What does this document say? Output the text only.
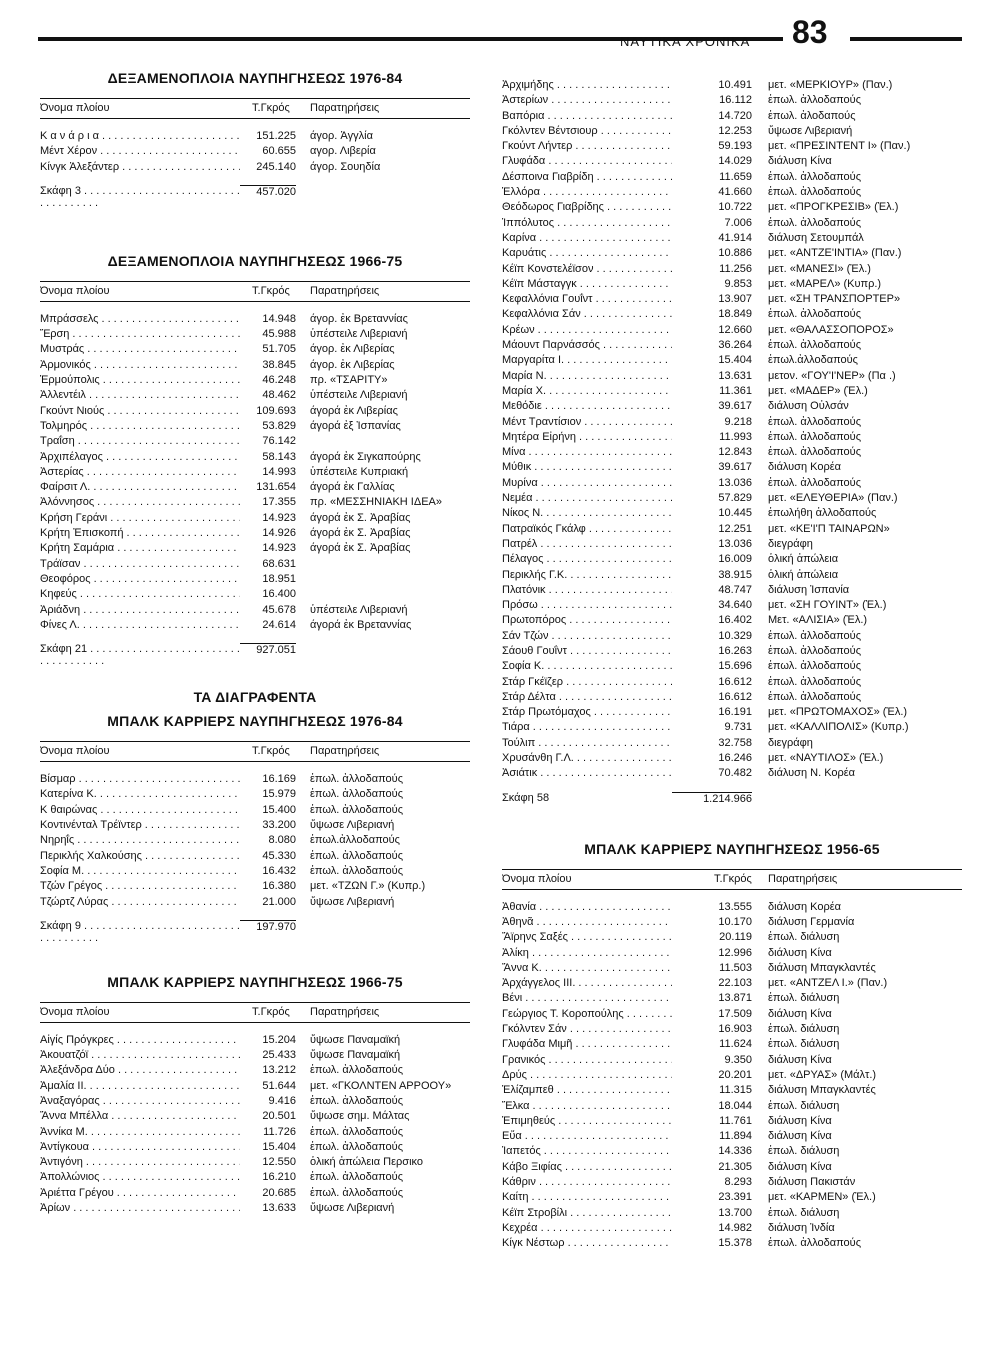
ΝΑΥΤΙΚΑ ΧΡΟΝΙΚΑ 83
ΔΕΞΑΜΕΝΟΠΛΟΙΑ ΝΑΥΠΗΓΗΣΕΩΣ 1976-84
Όνομα πλοίου	Τ.Γκρός	Παρατηρήσεις
Κ α ν ά ρ ι α . . .	151.225	άγορ. Ἀγγλία
Μέντ Χέρον . . .	60.655	αγορ. Λιβερία
Κίνγκ Ἀλεξάντερ . . .	245.140	άγορ. Σουηδία
Σκάφη 3 . . .	457.020
ΔΕΞΑΜΕΝΟΠΛΟΙΑ ΝΑΥΠΗΓΗΣΕΩΣ 1966-75
Όνομα πλοίου	Τ.Γκρός	Παρατηρήσεις
Μπράσσελς . . .	14.948	άγορ. ἐκ Βρεταννίας
Ἔρση . . .	45.988	ὑπέστειλε Λιβεριανή
Μυστράς . . .	51.705	άγορ. ἐκ Λιβερίας
Ἁρμονικός . . .	38.845	άγορ. ἐκ Λιβερίας
Ἑρμούπολις . . .	46.248	πρ. «ΤΣΑΡΙΤΥ»
Ἀλλεντέιλ . . .	48.462	ὑπέστειλε Λιβεριανή
Γκούντ Νιούς . . .	109.693	άγορά ἐκ Λιβερίας
Τολμηρός . . .	53.829	άγορά ἐξ Ἰσπανίας
Τραΐση . . .	76.142
Ἀρχιπέλαγος . . .	58.143	άγορά ἐκ Σιγκαπούρης
Ἀστερίας . . .	14.993	ὑπέστειλε Κυπριακή
Φαίρσιτ Λ. . . .	131.654	άγορά ἐκ Γαλλίας
Ἀλόννησος . . .	17.355	πρ. «ΜΕΣΣΗΝΙΑΚΗ ΙΔΕΑ»
Κρήση Γεράνι . . .	14.923	άγορά ἐκ Σ. Ἀραβίας
Κρήτη Ἐπισκοπή . . .	14.926	άγορά ἐκ Σ. Ἀραβίας
Κρήτη Σαμάρια . . .	14.923	άγορά ἐκ Σ. Ἀραβίας
Τράϊσαν . . .	68.631
Θεοφόρος . . .	18.951
Κηφεύς . . .	16.400
Ἀριάδνη . . .	45.678	ὑπέστειλε Λιβεριανή
Φίνες Λ. . . .	24.614	άγορά ἐκ Βρεταννίας
Σκάφη 21 . . .	927.051
ΤΑ ΔΙΑΓΡΑΦΕΝΤΑ
ΜΠΑΛΚ ΚΑΡΡΙΕΡΣ ΝΑΥΠΗΓΗΣΕΩΣ 1976-84
Όνομα πλοίου	Τ.Γκρός	Παρατηρήσεις
Βίσμαρ . . .	16.169	ἐπωλ. ἀλλοδαπούς
Κατερίνα Κ. . . .	15.979	ἐπωλ. ἀλλοδαπούς
Κ θαιρώνας . . .	15.400	ἐπωλ. ἀλλοδαπούς
Κοντινένταλ Τρέϊντερ . . .	33.200	ὕψωσε Λιβεριανή
Νηρηΐς . . .	8.080	ἐπωλ.ἀλλοδαπούς
Περικλής Χαλκούσης . . .	45.330	ἐπωλ. ἀλλοδαπούς
Σοφία Μ. . . .	16.432	ἐπωλ. ἀλλοδαπούς
Τζών Γρέγος . . .	16.380	μετ. «ΤΖΩΝ Γ.» (Κυπρ.)
Τζώρτζ Λύρας . . .	21.000	ὕψωσε Λιβεριανή
Σκάφη 9 . . .	197.970
ΜΠΑΛΚ ΚΑΡΡΙΕΡΣ ΝΑΥΠΗΓΗΣΕΩΣ 1966-75
Όνομα πλοίου	Τ.Γκρός	Παρατηρήσεις
Αἰγίς Πρόγκρες . . .	15.204	ὕψωσε Παναμαϊκή
Ἀκουατζόϊ . . .	25.433	ὕψωσε Παναμαϊκή
Ἀλεξάνδρα Δύο . . .	13.212	ἐπωλ. ἀλλοδαπούς
Ἀμαλία ΙΙ. . . .	51.644	μετ. «ΓΚΟΛΝΤΕΝ ΑΡΡΟΟΥ»
Ἀναξαγόρας . . .	9.416	ἐπωλ. ἀλλοδαπούς
Ἄννα Μπέλλα . . .	20.501	ὕψωσε σημ. Μάλτας
Ἀννίκα Μ. . . .	11.726	ἐπωλ. ἀλλοδαπούς
Ἀντίγκουα . . .	15.404	ἐπωλ. ἀλλοδαπούς
Ἀντιγόνη . . .	12.550	ὁλική ἀπώλεια Περσικο
Ἀπολλώνιος . . .	16.210	ἐπωλ. ἀλλοδαπούς
Ἀριέττα Γρέγου . . .	20.685	ἐπωλ. ἀλλοδαπούς
Ἀρίων . . .	13.633	ὕψωσε Λιβεριανή
Ἀρχιμήδης . . .	10.491	μετ. «ΜΕΡΚΙΟΥΡ» (Παν.)
Ἀστερίων . . .	16.112	ἐπωλ. ἀλλοδαπούς
Βαπόρια . . .	14.720	ἐπωλ. ἀλοδαπούς
Γκόλντεν Βέντσιουρ . . .	12.253	ὕψωσε Λιβεριανή
Γκούντ Λήντερ . . .	59.193	μετ. «ΠΡΕΣΙΝΤΕΝΤ Ι» (Παν.)
Γλυφάδα . . .	14.029	διάλυση Κίνα
Δέσποινα Γιαβρίδη . . .	11.659	ἐπωλ. ἀλλοδαπούς
Ἑλλόρα . . .	41.660	ἐπωλ. ἀλλοδαπούς
Θεόδωρος Γιαβρίδης . . .	10.722	μετ. «ΠΡΟΓΚΡΕΣΙΒ» (Ἐλ.)
Ἱππόλυτος . . .	7.006	ἐπωλ. ἀλλοδαπούς
Καρίνα . . .	41.914	διάλυση Σετουμπάλ
Καρυάτις . . .	10.886	μετ. «ΑΝΤΖΕ'ΙΝΤΙΑ» (Παν.)
Κέϊπ Κονστελέϊσον . . .	11.256	μετ. «ΜΑΝΕΣΙ» (Ἐλ.)
Κέϊπ Μάσταγγκ . . .	9.853	μετ. «ΜΑΡΕΛ» (Κυπρ.)
Κεφαλλόνια Γουΐντ . . .	13.907	μετ. «ΣΗ ΤΡΑΝΣΠΟΡΤΕΡ»
Κεφαλλόνια Σάν . . .	18.849	ἐπωλ. ἀλλοδαπούς
Κρέων . . .	12.660	μετ. «ΘΑΛΑΣΣΟΠΟΡΟΣ»
Μάουντ Παρνάσσός . . .	36.264	ἐπωλ. ἀλλοδαπούς
Μαργαρίτα Ι. . . .	15.404	ἐπωλ.ἀλλοδαπούς
Μαρία Ν. . . .	13.631	μετον. «ΓΟΥ'Ι'ΝΕΡ» (Πα .)
Μαρία Χ. . . .	11.361	μετ. «ΜΑΔΕΡ» (Ἐλ.)
Μεθόδιε . . .	39.617	διάλυση Οὐλσάν
Μέντ Τραντίσιον . . .	9.218	ἐπωλ. ἀλλοδαπούς
Μητέρα Εἰρήνη . . .	11.993	ἐπωλ. ἀλλοδαπούς
Μίνα . . .	12.843	ἐπωλ. ἀλλοδαπούς
Μύθικ . . .	39.617	διάλυση Κορέα
Μυρίνα . . .	13.036	ἐπωλ. ἀλλοδαπούς
Νεμέα . . .	57.829	μετ. «ΕΛΕΥΘΕΡΙΑ» (Παν.)
Νίκος Ν. . . .	10.445	ἐπωλήθη ἀλλοδαπούς
Πατραϊκός Γκάλφ . . .	12.251	μετ. «ΚΕ'Ι'Π ΤΑΙΝΑΡΩΝ»
Πατρέλ . . .	13.036	διεγράφη
Πέλαγος . . .	16.009	ὁλική ἀπώλεια
Περικλής Γ.Κ. . . .	38.915	ὁλική ἀπώλεια
Πλατόνικ . . .	48.747	διάλυση Ἰσπανία
Πρόσω . . .	34.640	μετ. «ΣΗ ΓΟΥΙΝΤ» (Ἐλ.)
Πρωτοπόρος . . .	16.402	Μετ. «ΑΛΙΣΙΑ» (Ἐλ.)
Σάν Τζών . . .	10.329	ἐπωλ. ἀλλοδαπούς
Σάουθ Γουΐντ . . .	16.263	ἐπωλ. ἀλλοδαπούς
Σοφία Κ. . . .	15.696	ἐπωλ. ἀλλοδαπούς
Στάρ Γκέϊζερ . . .	16.612	ἐπωλ. ἀλλοδαπούς
Στάρ Δέλτα . . .	16.612	ἐπωλ. ἀλλοδαπούς
Στάρ Πρωτόμαχος . . .	16.191	μετ. «ΠΡΩΤΟΜΑΧΟΣ» (Ἐλ.)
Τιάρα . . .	9.731	μετ. «ΚΑΛΛΙΠΟΛΙΣ» (Κυπρ.)
Τούλιπ . . .	32.758	διεγράφη
Χρυσάνθη Γ.Λ. . . .	16.246	μετ. «ΝΑΥΤΙΛΟΣ» (Ἐλ.)
Ἀσιάτικ . . .	70.482	διάλυση Ν. Κορέα
Σκάφη 58	1.214.966
ΜΠΑΛΚ ΚΑΡΡΙΕΡΣ ΝΑΥΠΗΓΗΣΕΩΣ 1956-65
Όνομα πλοίου	Τ.Γκρός	Παρατηρήσεις
Ἀθανία . . .	13.555	διάλυση Κορέα
Ἀθηνᾶ . . .	10.170	διάλυση Γερμανία
Ἄϊρηνς Σαξές . . .	20.119	ἐπωλ. διάλυση
Ἀλίκη . . .	12.996	διάλυση Κίνα
Ἄννα Κ. . . .	11.503	διάλυση Μπαγκλαντές
Ἀρχάγγελος ΙΙΙ. . . .	22.103	μετ. «ΑΝΤΖΕΛ Ι.» (Παν.)
Βένι . . .	13.871	ἐπωλ. διάλυση
Γεώργιος Τ. Κοροπούλης . . .	17.509	διάλυση Κίνα
Γκόλντεν Σάν . . .	16.903	ἐπωλ. διάλυση
Γλυφάδα Μιμῆ . . .	11.624	ἐπωλ. διάλυση
Γρανικός . . .	9.350	διάλυση Κίνα
Δρύς . . .	20.201	μετ. «ΔΡΥΑΣ» (Μάλτ.)
Ἐλίζαμπεθ . . .	11.315	διάλυση Μπαγκλαντές
Ἕλκα . . .	18.044	ἐπωλ. διάλυση
Ἐπιμηθεύς . . .	11.761	διάλυση Κίνα
Εὔα . . .	11.894	διάλυση Κίνα
Ἰαπετός . . .	14.336	ἐπωλ. διάλυση
Κάβο Ξιφίας . . .	21.305	διάλυση Κίνα
Κάθριν . . .	8.293	διάλυση Πακιστάν
Καίτη . . .	23.391	μετ. «ΚΑΡΜΕΝ» (Ἐλ.)
Κέϊπ Στροβίλι . . .	13.700	ἐπωλ. διάλυση
Κεχρέα . . .	14.982	διάλυση Ἰνδία
Κίγκ Νέστωρ . . .	15.378	ἐπωλ. ἀλλοδαπούς
